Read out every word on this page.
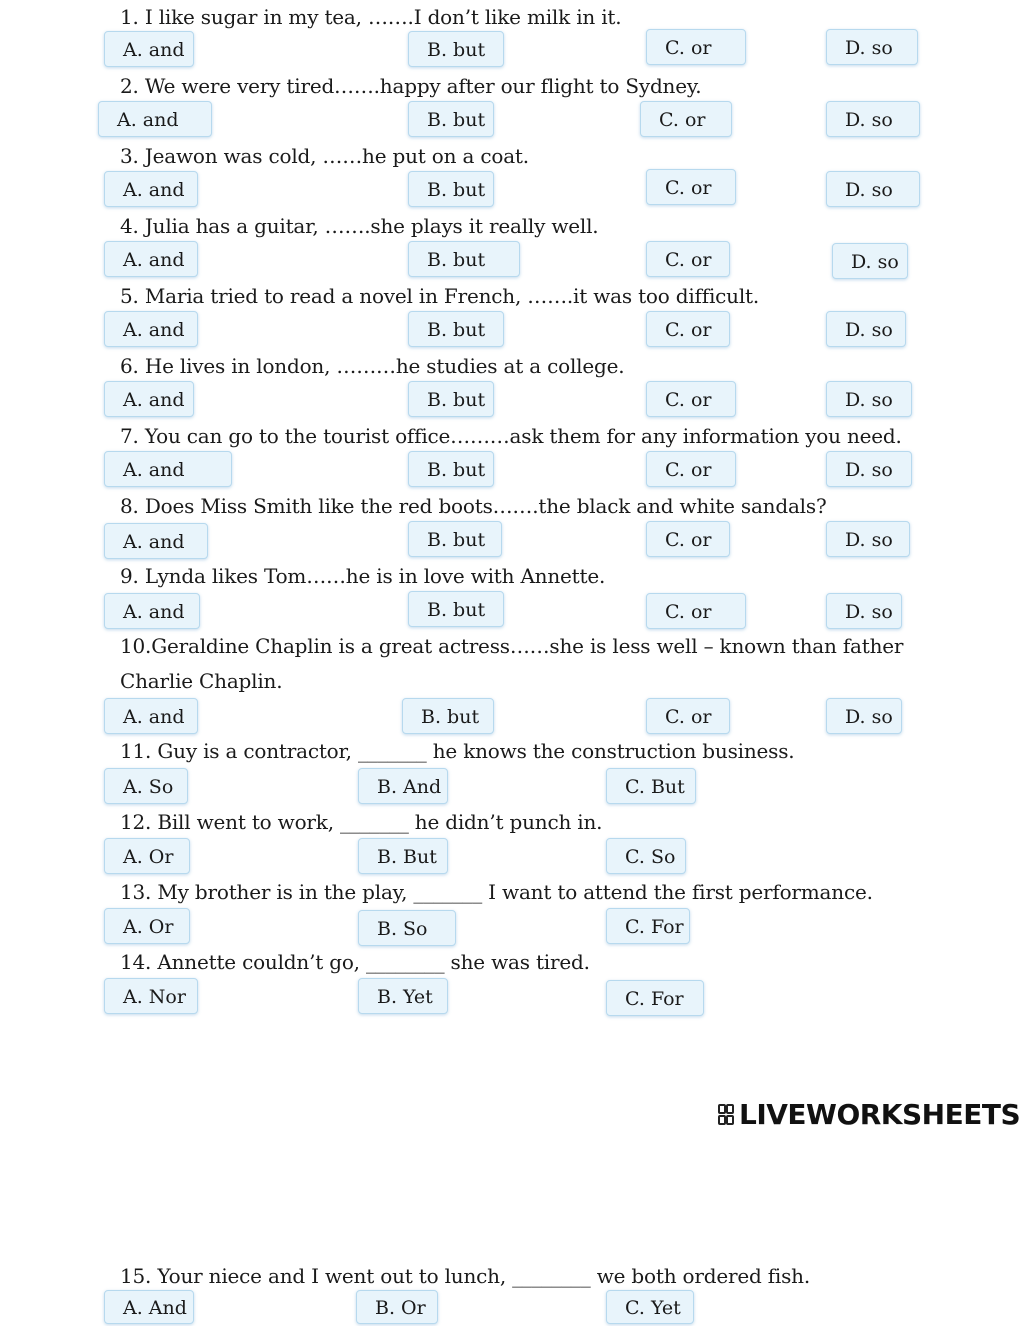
1. I like sugar in my tea, …….I don’t like milk in it.
A. and	B. but	C. or	D. so
2. We were very tired…….happy after our flight to Sydney.
A. and	B. but	C. or	D. so
3. Jeawon was cold, ……he put on a coat.
A. and	B. but	C. or	D. so
4. Julia has a guitar, …….she plays it really well.
A. and	B. but	C. or	D. so
5. Maria tried to read a novel in French, …….it was too difficult.
A. and	B. but	C. or	D. so
6. He lives in london, ………he studies at a college.
A. and	B. but	C. or	D. so
7. You can go to the tourist office………ask them for any information you need.
A. and	B. but	C. or	D. so
8. Does Miss Smith like the red boots…….the black and white sandals?
A. and	B. but	C. or	D. so
9. Lynda likes Tom……he is in love with Annette.
A. and	B. but	C. or	D. so
10.Geraldine Chaplin is a great actress……she is less well – known than father
Charlie Chaplin.
A. and	B. but	C. or	D. so
11. Guy is a contractor, _______ he knows the construction business.
A. So	B. And	C. But
12. Bill went to work, _______ he didn’t punch in.
A. Or	B. But	C. So
13. My brother is in the play, _______ I want to attend the first performance.
A. Or	B. So	C. For
14. Annette couldn’t go, ________ she was tired.
A. Nor	B. Yet	C. For
LIVEWORKSHEETS
15. Your niece and I went out to lunch, ________ we both ordered fish.
A. And	B. Or	C. Yet
